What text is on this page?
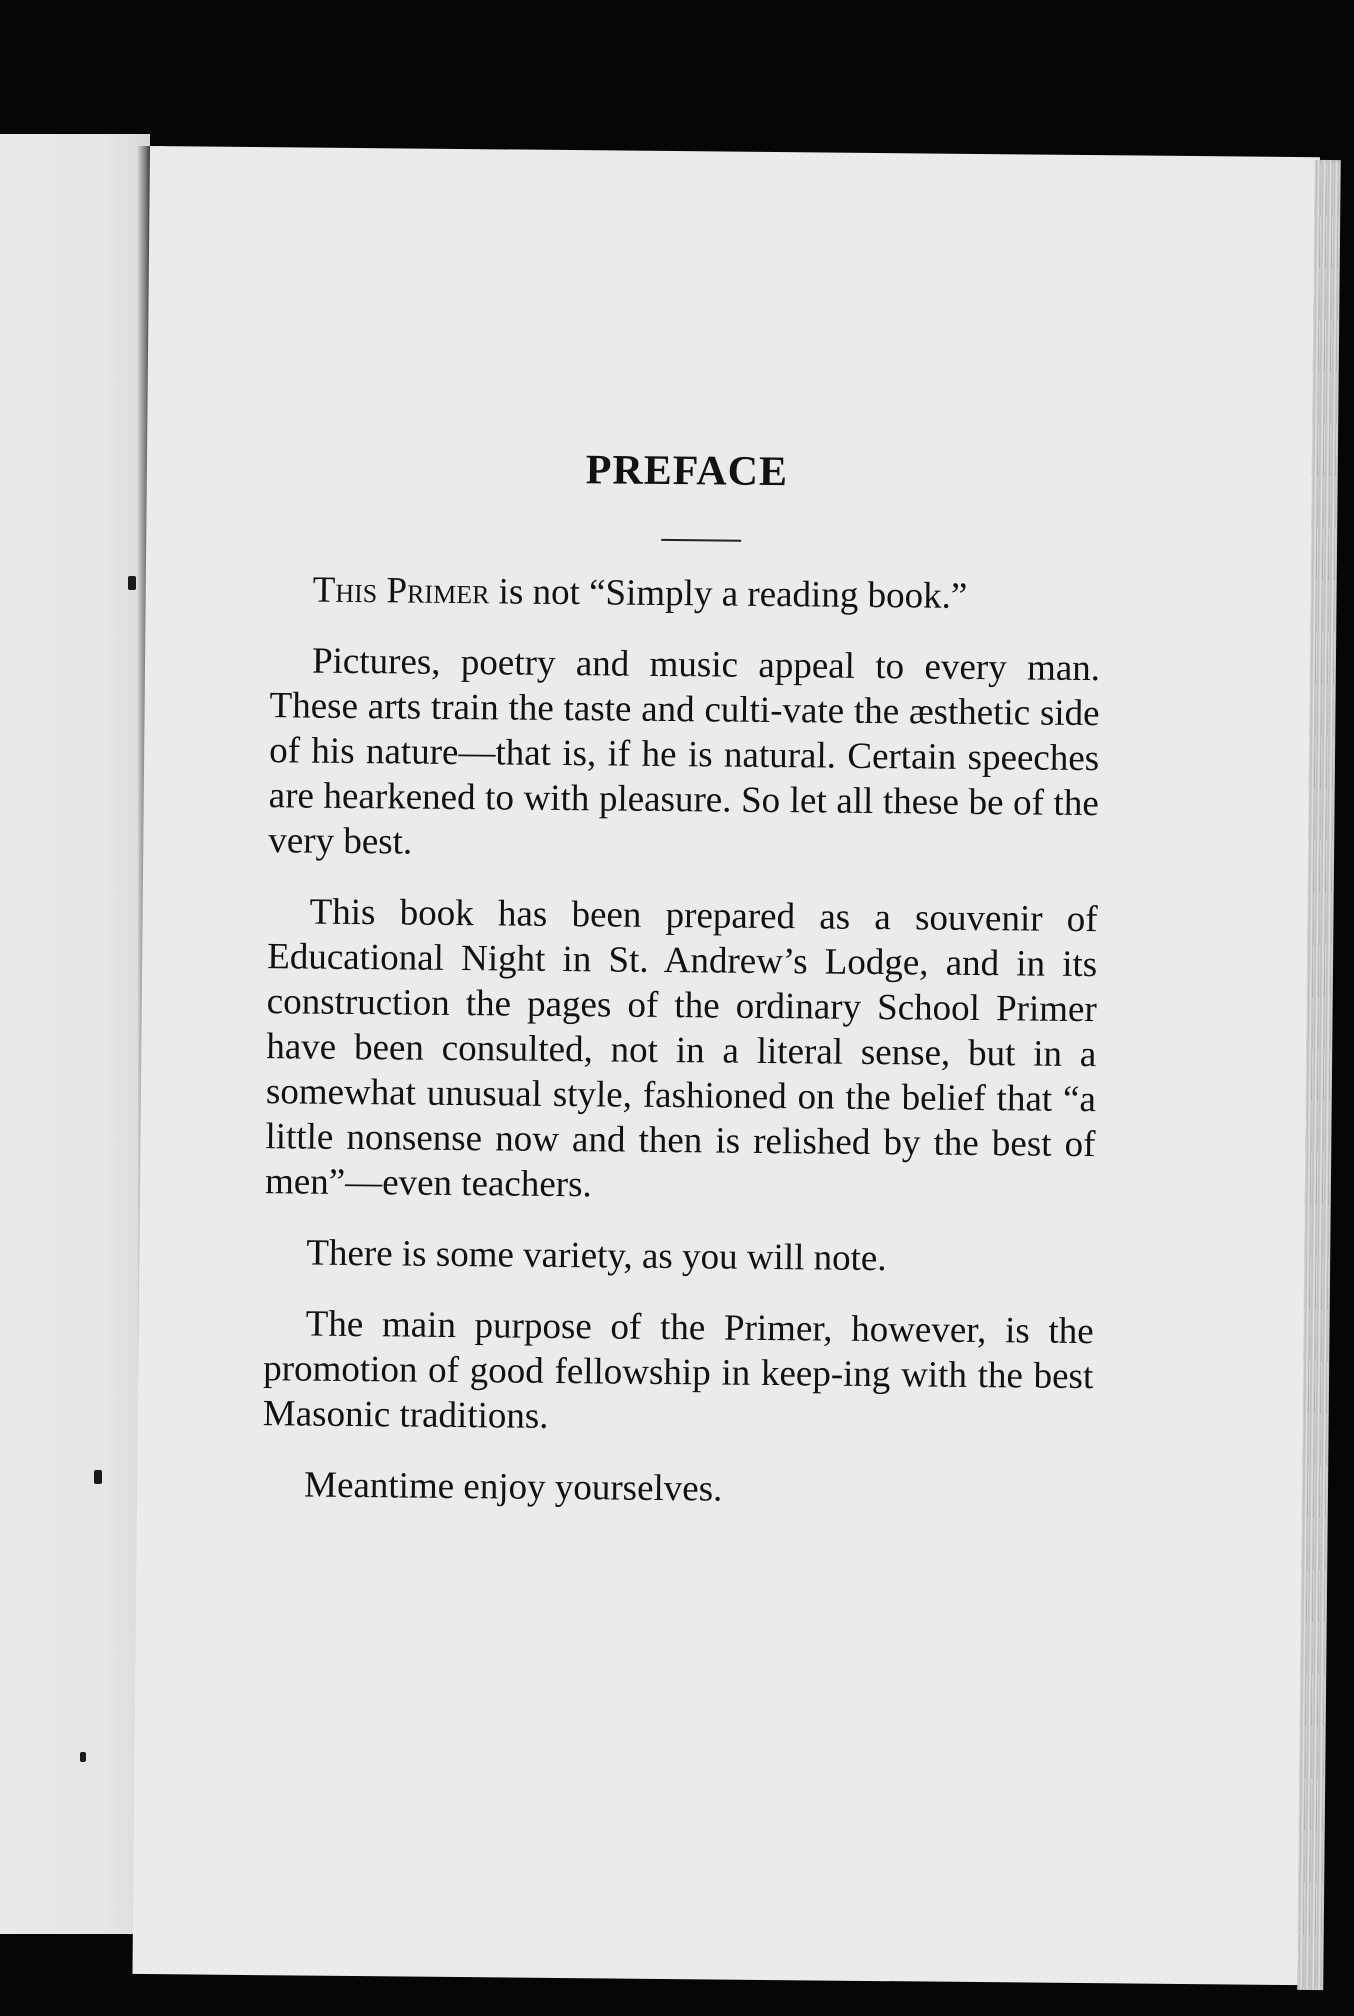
PREFACE

This Primer is not “Simply a reading book.”

Pictures, poetry and music appeal to every man. These arts train the taste and culti-vate the æsthetic side of his nature—that is, if he is natural. Certain speeches are hearkened to with pleasure. So let all these be of the very best.

This book has been prepared as a souvenir of Educational Night in St. Andrew’s Lodge, and in its construction the pages of the ordinary School Primer have been consulted, not in a literal sense, but in a somewhat unusual style, fashioned on the belief that “a little nonsense now and then is relished by the best of men”—even teachers.

There is some variety, as you will note.

The main purpose of the Primer, however, is the promotion of good fellowship in keep-ing with the best Masonic traditions.

Meantime enjoy yourselves.
